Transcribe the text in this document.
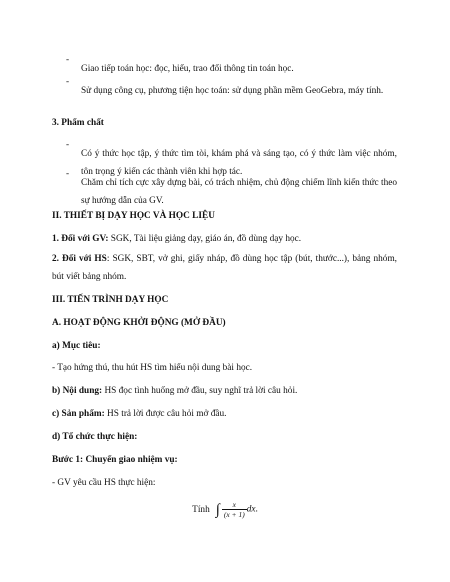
-

Giao tiếp toán học: đọc, hiểu, trao đổi thông tin toán học.

-

Sử dụng công cụ, phương tiện học toán: sử dụng phần mềm GeoGebra, máy tính.

3. Phẩm chất

-

Có ý thức học tập, ý thức tìm tòi, khám phá và sáng tạo, có ý thức làm việc nhóm, tôn trọng ý kiến các thành viên khi hợp tác.

-

Chăm chỉ tích cực xây dựng bài, có trách nhiệm, chủ động chiếm lĩnh kiến thức theo sự hướng dẫn của GV.

II. THIẾT BỊ DẠY HỌC VÀ HỌC LIỆU

1. Đối với GV: SGK, Tài liệu giảng dạy, giáo án, đồ dùng dạy học.

2. Đối với HS: SGK, SBT, vở ghi, giấy nháp, đồ dùng học tập (bút, thước...), bảng nhóm, bút viết bảng nhóm.

III. TIẾN TRÌNH DẠY HỌC

A. HOẠT ĐỘNG KHỞI ĐỘNG (MỞ ĐẦU)

a) Mục tiêu:

- Tạo hứng thú, thu hút HS tìm hiểu nội dung bài học.

b) Nội dung: HS đọc tình huống mở đầu, suy nghĩ trả lời câu hỏi.

c) Sản phẩm: HS trả lời được câu hỏi mở đầu.

d) Tổ chức thực hiện:

Bước 1: Chuyển giao nhiệm vụ:

- GV yêu cầu HS thực hiện:

Tính ∫ $\frac{x}{(x + 1)}$ dx.
